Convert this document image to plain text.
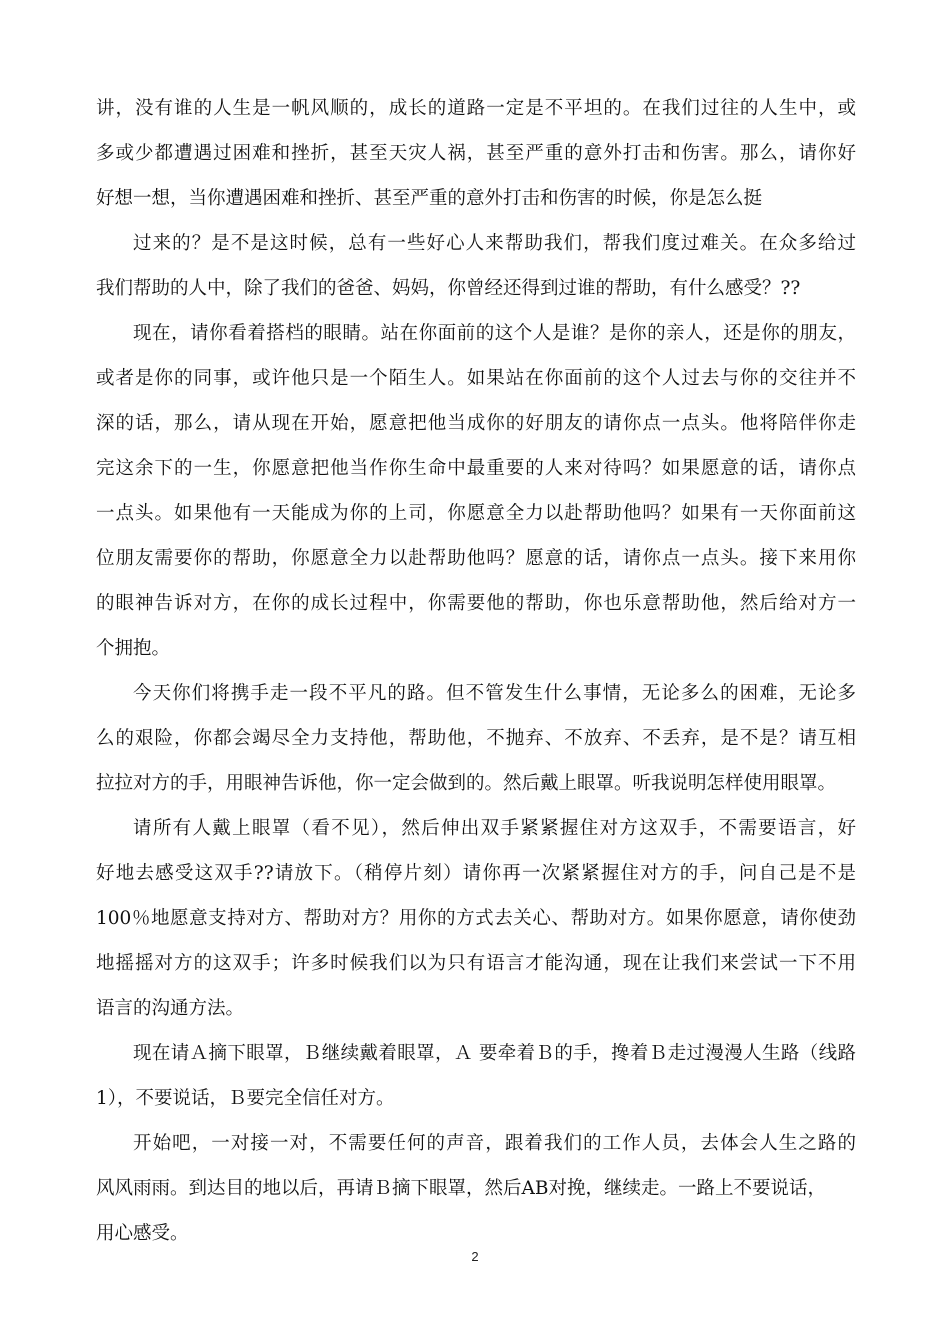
讲，没有谁的人生是一帆风顺的，成长的道路一定是不平坦的。在我们过往的人生中，或
多或少都遭遇过困难和挫折，甚至天灾人祸，甚至严重的意外打击和伤害。那么，请你好
好想一想，当你遭遇困难和挫折、甚至严重的意外打击和伤害的时候，你是怎么挺
过来的？是不是这时候，总有一些好心人来帮助我们，帮我们度过难关。在众多给过
我们帮助的人中，除了我们的爸爸、妈妈，你曾经还得到过谁的帮助，有什么感受？??
现在，请你看着搭档的眼睛。站在你面前的这个人是谁？是你的亲人，还是你的朋友，
或者是你的同事，或许他只是一个陌生人。如果站在你面前的这个人过去与你的交往并不
深的话，那么，请从现在开始，愿意把他当成你的好朋友的请你点一点头。他将陪伴你走
完这余下的一生，你愿意把他当作你生命中最重要的人来对待吗？如果愿意的话，请你点
一点头。如果他有一天能成为你的上司，你愿意全力以赴帮助他吗？如果有一天你面前这
位朋友需要你的帮助，你愿意全力以赴帮助他吗？愿意的话，请你点一点头。接下来用你
的眼神告诉对方，在你的成长过程中，你需要他的帮助，你也乐意帮助他，然后给对方一
个拥抱。
今天你们将携手走一段不平凡的路。但不管发生什么事情，无论多么的困难，无论多
么的艰险，你都会竭尽全力支持他，帮助他，不抛弃、不放弃、不丢弃，是不是？请互相
拉拉对方的手，用眼神告诉他，你一定会做到的。然后戴上眼罩。听我说明怎样使用眼罩。
请所有人戴上眼罩（看不见），然后伸出双手紧紧握住对方这双手，不需要语言，好
好地去感受这双手??请放下。（稍停片刻）请你再一次紧紧握住对方的手，问自己是不是
100％地愿意支持对方、帮助对方？用你的方式去关心、帮助对方。如果你愿意，请你使劲
地摇摇对方的这双手；许多时候我们以为只有语言才能沟通，现在让我们来尝试一下不用
语言的沟通方法。
现在请Ａ摘下眼罩，Ｂ继续戴着眼罩，Ａ 要牵着Ｂ的手，搀着Ｂ走过漫漫人生路（线路
1），不要说话，Ｂ要完全信任对方。
开始吧，一对接一对，不需要任何的声音，跟着我们的工作人员，去体会人生之路的
风风雨雨。到达目的地以后，再请Ｂ摘下眼罩，然后AB对挽，继续走。一路上不要说话，
用心感受。
2
